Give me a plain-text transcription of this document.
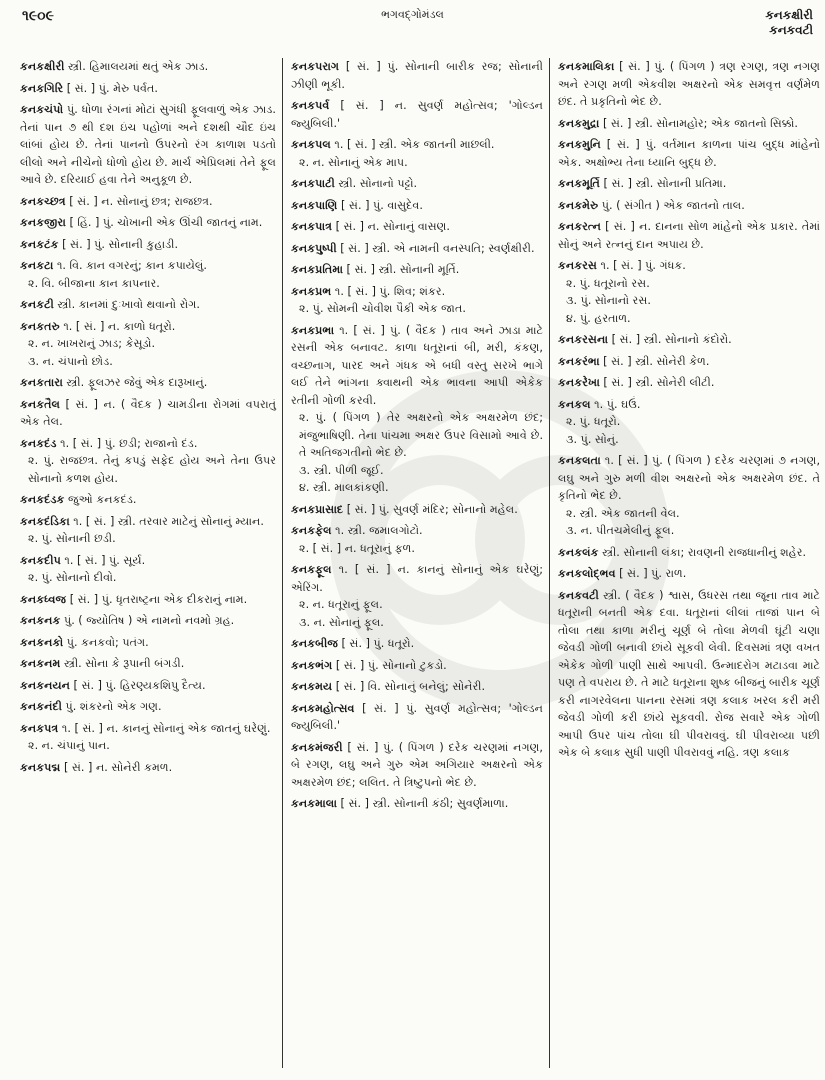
૧૯૦૯	ભગવદ્ગોમંડલ	કનકક્ષીરી
કનકવટી
કનકક્ષીરી સ્ત્રી. હિમાલયમાં થતું એક ઝાડ.
કનકગિરિ [ સં. ] પું. મેરુ પર્વત.
કનકચંપો પું. ધોળા રંગનાં મોટાં સુગંધી ફૂલવાળું એક ઝાડ. તેનાં પાન ૭ થી દશ ઇંચ પહોળાં અને દશથી ચૌદ ઇંચ લાંબાં હોય છે. તેનાં પાનનો ઉપરનો રંગ કાળાશ પડતો લીલો અને નીચેનો ધોળો હોય છે. માર્ચ એપ્રિલમાં તેને ફૂલ આવે છે. દરિયાઈ હવા તેને અનુકૂળ છે.
કનકચ્છત્ર [ સં. ] ન. સોનાનું છત્ર; રાજછત્ર.
કનકજીરા [ હિં. ] પું. ચોખાની એક ઊંચી જાતનું નામ.
કનકટંક [ સં. ] પું. સોનાની કુહાડી.
કનકટા ૧. વિ. કાન વગરનું; કાન કપાયેલું.
૨. વિ. બીજાના કાન કાપનાર.
કનકટી સ્ત્રી. કાનમાં દુઃખાવો થવાનો રોગ.
કનકતરુ ૧. [ સં. ] ન. કાળો ધતૂરો.
૨. ન. ખાખરાનું ઝાડ; કેસૂડો.
૩. ન. ચંપાનો છોડ.
કનકતારા સ્ત્રી. ફૂલઝર જેવું એક દારૂખાનું.
કનકતૈલ [ સં. ] ન. ( વૈદક ) ચામડીના રોગમાં વપરાતું એક તેલ.
કનકદંડ ૧. [ સં. ] પું. છડી; રાજાનો દંડ.
૨. પું. રાજછત્ર. તેનું કપડું સફેદ હોય અને તેના ઉપર સોનાનો કળશ હોય.
કનકદંડક જુઓ કનકદંડ.
કનકદંડિકા ૧. [ સં. ] સ્ત્રી. તરવાર માટેનું સોનાનું મ્યાન.
૨. પું. સોનાની છડી.
કનકદીપ ૧. [ સં. ] પું. સૂર્ય.
૨. પું. સોનાનો દીવો.
કનકધ્વજ [ સં. ] પું. ધૃતરાષ્ટ્રના એક દીકરાનું નામ.
કનકનક પું. ( જ્યોતિષ ) એ નામનો નવમો ગ્રહ.
કનકનકો પું. કનકવો; પતંગ.
કનકનમ સ્ત્રી. સોના કે રૂપાની બંગડી.
કનકનયન [ સં. ] પું. હિરણ્યકશિપુ દૈત્ય.
કનકનંદી પું. શંકરનો એક ગણ.
કનકપત્ર ૧. [ સં. ] ન. કાનનું સોનાનું એક જાતનું ઘરેણું.
૨. ન. ચંપાનું પાન.
કનકપદ્મ [ સં. ] ન. સોનેરી કમળ.
કનકપરાગ [ સં. ] પું. સોનાની બારીક રજ; સોનાની ઝીણી ભૂકી.
કનકપર્વ [ સં. ] ન. સુવર્ણ મહોત્સવ; 'ગોલ્ડન જ્યુબિલી.'
કનકપલ ૧. [ સં. ] સ્ત્રી. એક જાતની માછલી.
૨. ન. સોનાનું એક માપ.
કનકપાટી સ્ત્રી. સોનાનો પટ્ટો.
કનકપાણિ [ સં. ] પું. વાસુદેવ.
કનકપાત્ર [ સં. ] ન. સોનાનું વાસણ.
કનકપુષ્પી [ સં. ] સ્ત્રી. એ નામની વનસ્પતિ; સ્વર્ણક્ષીરી.
કનકપ્રતિમા [ સં. ] સ્ત્રી. સોનાની મૂર્તિ.
કનકપ્રભ ૧. [ સં. ] પું. શિવ; શંકર.
૨. પું. સોમની ચોવીશ પૈકી એક જાત.
કનકપ્રભા ૧. [ સં. ] પું. ( વૈદક ) તાવ અને ઝાડા માટે રસની એક બનાવટ. કાળા ધતૂરાનાં બી, મરી, કંકણ, વચ્છનાગ, પારદ અને ગંધક એ બધી વસ્તુ સરખે ભાગે લઈ તેને ભાંગના ક્વાથની એક ભાવના આપી એકેક રતીની ગોળી કરવી.
૨. પું. ( પિંગળ ) તેર અક્ષરનો એક અક્ષરમેળ છંદ; મંજુભાષિણી. તેના પાંચમા અક્ષર ઉપર વિસામો આવે છે. તે અતિજગતીનો ભેદ છે.
૩. સ્ત્રી. પીળી જૂઈ.
૪. સ્ત્રી. માલકાંકણી.
કનકપ્રાસાદ [ સં. ] પું. સુવર્ણ મંદિર; સોનાનો મહેલ.
કનકફેલ ૧. સ્ત્રી. જમાલગોટો.
૨. [ સં. ] ન. ધતૂરાનું ફળ.
કનકફૂલ ૧. [ સં. ] ન. કાનનું સોનાનું એક ઘરેણું; એરિંગ.
૨. ન. ધતૂરાનું ફૂલ.
૩. ન. સોનાનું ફૂલ.
કનકબીજ [ સં. ] પું. ધતૂરો.
કનકભંગ [ સં. ] પું. સોનાનો ટુકડો.
કનકમય [ સં. ] વિ. સોનાનું બનેલું; સોનેરી.
કનકમહોત્સવ [ સં. ] પું. સુવર્ણ મહોત્સવ; 'ગોલ્ડન જ્યુબિલી.'
કનકમંજરી [ સં. ] પું. ( પિંગળ ) દરેક ચરણમાં નગણ, બે રગણ, લઘુ અને ગુરુ એમ અગિયાર અક્ષરનો એક અક્ષરમેળ છંદ; લલિત. તે ત્રિષ્ટુપનો ભેદ છે.
કનકમાલા [ સં. ] સ્ત્રી. સોનાની કંઠી; સુવર્ણમાળા.
કનકમાલિકા [ સં. ] પું. ( પિંગળ ) ત્રણ રગણ, ત્રણ નગણ અને રગણ મળી એકવીશ અક્ષરનો એક સમવૃત્ત વર્ણમેળ છંદ. તે પ્રકૃતિનો ભેદ છે.
કનકમુદ્રા [ સં. ] સ્ત્રી. સોનામહોર; એક જાતનો સિક્કો.
કનકમુનિ [ સં. ] પું. વર્તમાન કાળના પાંચ બુદ્ધ માંહેનો એક. અક્ષોભ્ય તેના ધ્યાનિ બુદ્ધ છે.
કનકમૂર્તિ [ સં. ] સ્ત્રી. સોનાની પ્રતિમા.
કનકમેરુ પું. ( સંગીત ) એક જાતનો તાલ.
કનકરત્ન [ સં. ] ન. દાનના સોળ માંહેનો એક પ્રકાર. તેમાં સોનું અને રત્નનું દાન અપાય છે.
કનકરસ ૧. [ સં. ] પું. ગંધક.
૨. પું. ધતૂરાનો રસ.
૩. પું. સોનાનો રસ.
૪. પું. હરતાળ.
કનકરસના [ સં. ] સ્ત્રી. સોનાનો કંદોરો.
કનકરંભા [ સં. ] સ્ત્રી. સોનેરી કેળ.
કનકરેખા [ સં. ] સ્ત્રી. સોનેરી લીટી.
કનકલ ૧. પું. ઘઉં.
૨. પું. ધતૂરો.
૩. પું. સોનું.
કનકલતા ૧. [ સં. ] પું. ( પિંગળ ) દરેક ચરણમાં ૭ નગણ, લઘુ અને ગુરુ મળી વીશ અક્ષરનો એક અક્ષરમેળ છંદ. તે કૃતિનો ભેદ છે.
૨. સ્ત્રી. એક જાતની વેલ.
૩. ન. પીતચમેલીનું ફૂલ.
કનકલંક સ્ત્રી. સોનાની લંકા; રાવણની રાજધાનીનું શહેર.
કનકલોદ્ભવ [ સં. ] પું. રાળ.
કનકવટી સ્ત્રી. ( વૈદક ) શ્વાસ, ઉધરસ તથા જૂના તાવ માટે ધતૂરાની બનતી એક દવા. ધતૂરાનાં લીલાં તાજાં પાન બે તોલા તથા કાળા મરીનું ચૂર્ણ બે તોલા મેળવી ઘૂંટી ચણા જેવડી ગોળી બનાવી છાંયે સૂકવી લેવી. દિવસમાં ત્રણ વખત એકેક ગોળી પાણી સાથે આપવી. ઉન્માદરોગ મટાડવા માટે પણ તે વપરાય છે. તે માટે ધતૂરાના શુષ્ક બીજનું બારીક ચૂર્ણ કરી નાગરવેલના પાનના રસમાં ત્રણ કલાક ખરલ કરી મરી જેવડી ગોળી કરી છાંયે સૂકવવી. રોજ સવારે એક ગોળી આપી ઉપર પાંચ તોલા ઘી પીવરાવવું. ઘી પીવરાવ્યા પછી એક બે કલાક સુધી પાણી પીવરાવવું નહિ. ત્રણ કલાક
